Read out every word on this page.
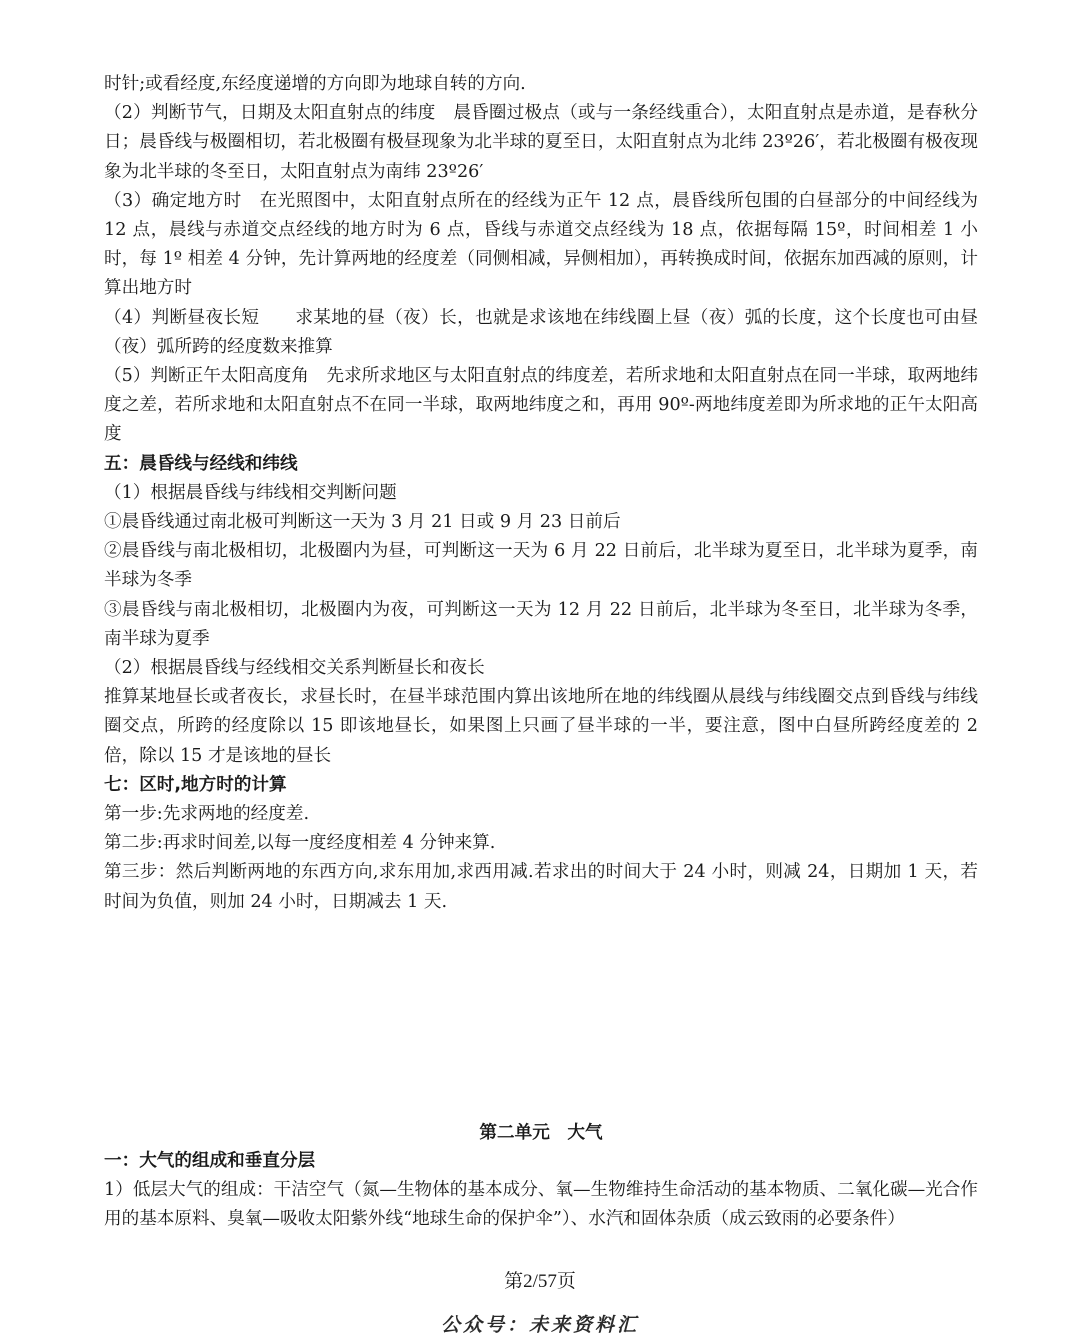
时针;或看经度,东经度递增的方向即为地球自转的方向.

（2）判断节气，日期及太阳直射点的纬度　晨昏圈过极点（或与一条经线重合），太阳直射点是赤道，是春秋分日；晨昏线与极圈相切，若北极圈有极昼现象为北半球的夏至日，太阳直射点为北纬 23º26′，若北极圈有极夜现象为北半球的冬至日，太阳直射点为南纬 23º26′

（3）确定地方时　在光照图中，太阳直射点所在的经线为正午 12 点，晨昏线所包围的白昼部分的中间经线为 12 点，晨线与赤道交点经线的地方时为 6 点，昏线与赤道交点经线为 18 点，依据每隔 15º，时间相差 1 小时，每 1º 相差 4 分钟，先计算两地的经度差（同侧相减，异侧相加），再转换成时间，依据东加西减的原则，计算出地方时

（4）判断昼夜长短　　求某地的昼（夜）长，也就是求该地在纬线圈上昼（夜）弧的长度，这个长度也可由昼（夜）弧所跨的经度数来推算

（5）判断正午太阳高度角　先求所求地区与太阳直射点的纬度差，若所求地和太阳直射点在同一半球，取两地纬度之差，若所求地和太阳直射点不在同一半球，取两地纬度之和，再用 90º-两地纬度差即为所求地的正午太阳高度

五：晨昏线与经线和纬线

（1）根据晨昏线与纬线相交判断问题

①晨昏线通过南北极可判断这一天为 3 月 21 日或 9 月 23 日前后

②晨昏线与南北极相切，北极圈内为昼，可判断这一天为 6 月 22 日前后，北半球为夏至日，北半球为夏季，南半球为冬季

③晨昏线与南北极相切，北极圈内为夜，可判断这一天为 12 月 22 日前后，北半球为冬至日，北半球为冬季，南半球为夏季

（2）根据晨昏线与经线相交关系判断昼长和夜长

推算某地昼长或者夜长，求昼长时，在昼半球范围内算出该地所在地的纬线圈从晨线与纬线圈交点到昏线与纬线圈交点，所跨的经度除以 15 即该地昼长，如果图上只画了昼半球的一半，要注意，图中白昼所跨经度差的 2 倍，除以 15 才是该地的昼长

七：区时,地方时的计算

第一步:先求两地的经度差.

第二步:再求时间差,以每一度经度相差 4 分钟来算.

第三步：然后判断两地的东西方向,求东用加,求西用减.若求出的时间大于 24 小时，则减 24，日期加 1 天，若时间为负值，则加 24 小时，日期减去 1 天.

第二单元　大气

一：大气的组成和垂直分层

1）低层大气的组成：干洁空气（氮—生物体的基本成分、氧—生物维持生命活动的基本物质、二氧化碳—光合作用的基本原料、臭氧—吸收太阳紫外线“地球生命的保护伞”）、水汽和固体杂质（成云致雨的必要条件）

第2/57页
公众号：未来资料汇
